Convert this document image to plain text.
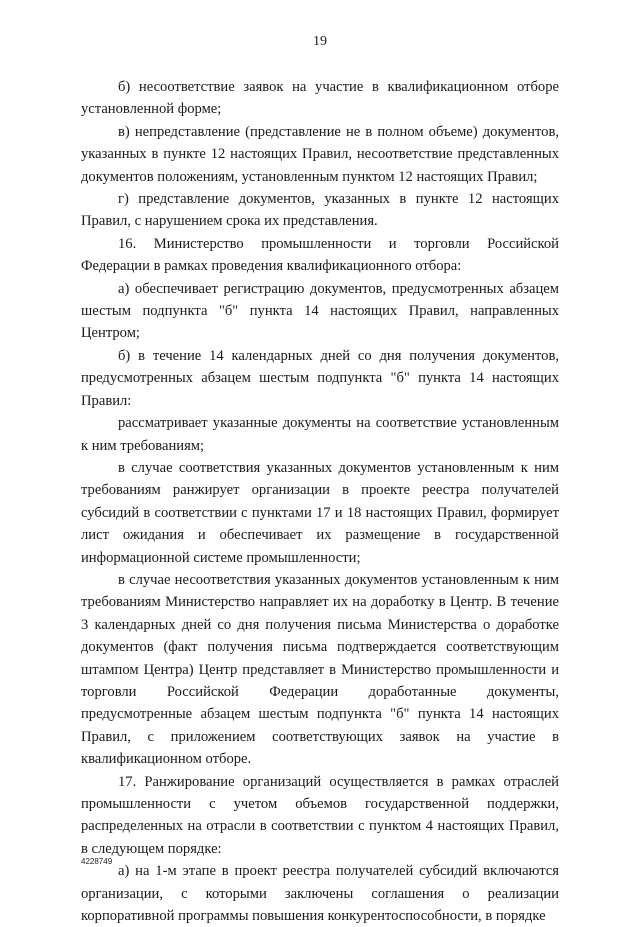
19

б) несоответствие заявок на участие в квалификационном отборе установленной форме;

в) непредставление (представление не в полном объеме) документов, указанных в пункте 12 настоящих Правил, несоответствие представленных документов положениям, установленным пунктом 12 настоящих Правил;

г) представление документов, указанных в пункте 12 настоящих Правил, с нарушением срока их представления.

16. Министерство промышленности и торговли Российской Федерации в рамках проведения квалификационного отбора:

а) обеспечивает регистрацию документов, предусмотренных абзацем шестым подпункта "б" пункта 14 настоящих Правил, направленных Центром;

б) в течение 14 календарных дней со дня получения документов, предусмотренных абзацем шестым подпункта "б" пункта 14 настоящих Правил:

рассматривает указанные документы на соответствие установленным к ним требованиям;

в случае соответствия указанных документов установленным к ним требованиям ранжирует организации в проекте реестра получателей субсидий в соответствии с пунктами 17 и 18 настоящих Правил, формирует лист ожидания и обеспечивает их размещение в государственной информационной системе промышленности;

в случае несоответствия указанных документов установленным к ним требованиям Министерство направляет их на доработку в Центр. В течение 3 календарных дней со дня получения письма Министерства о доработке документов (факт получения письма подтверждается соответствующим штампом Центра) Центр представляет в Министерство промышленности и торговли Российской Федерации доработанные документы, предусмотренные абзацем шестым подпункта "б" пункта 14 настоящих Правил, с приложением соответствующих заявок на участие в квалификационном отборе.

17. Ранжирование организаций осуществляется в рамках отраслей промышленности с учетом объемов государственной поддержки, распределенных на отрасли в соответствии с пунктом 4 настоящих Правил, в следующем порядке:

а) на 1-м этапе в проект реестра получателей субсидий включаются организации, с которыми заключены соглашения о реализации корпоративной программы повышения конкурентоспособности, в порядке

4228749
